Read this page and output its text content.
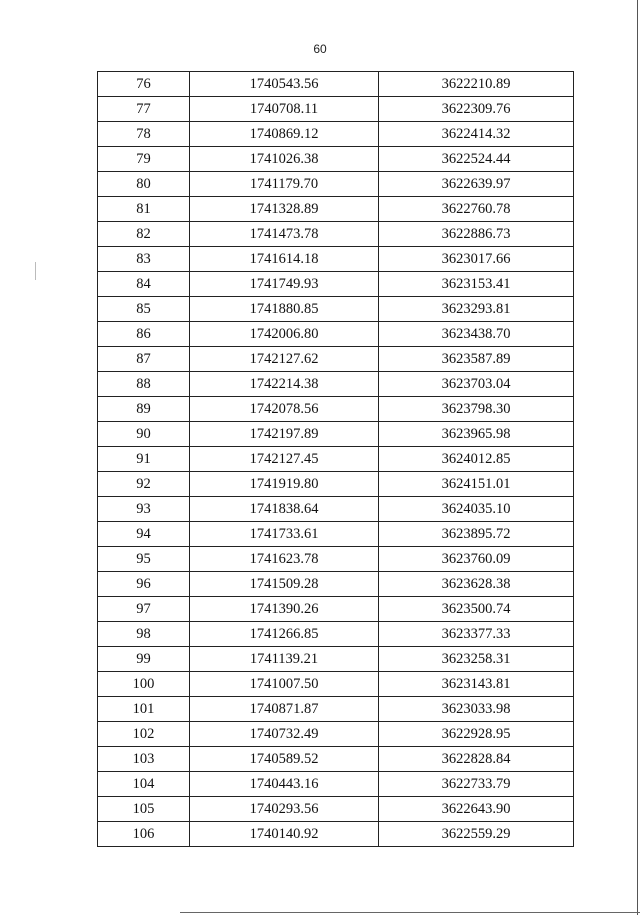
60
76	1740543.56	3622210.89
77	1740708.11	3622309.76
78	1740869.12	3622414.32
79	1741026.38	3622524.44
80	1741179.70	3622639.97
81	1741328.89	3622760.78
82	1741473.78	3622886.73
83	1741614.18	3623017.66
84	1741749.93	3623153.41
85	1741880.85	3623293.81
86	1742006.80	3623438.70
87	1742127.62	3623587.89
88	1742214.38	3623703.04
89	1742078.56	3623798.30
90	1742197.89	3623965.98
91	1742127.45	3624012.85
92	1741919.80	3624151.01
93	1741838.64	3624035.10
94	1741733.61	3623895.72
95	1741623.78	3623760.09
96	1741509.28	3623628.38
97	1741390.26	3623500.74
98	1741266.85	3623377.33
99	1741139.21	3623258.31
100	1741007.50	3623143.81
101	1740871.87	3623033.98
102	1740732.49	3622928.95
103	1740589.52	3622828.84
104	1740443.16	3622733.79
105	1740293.56	3622643.90
106	1740140.92	3622559.29
